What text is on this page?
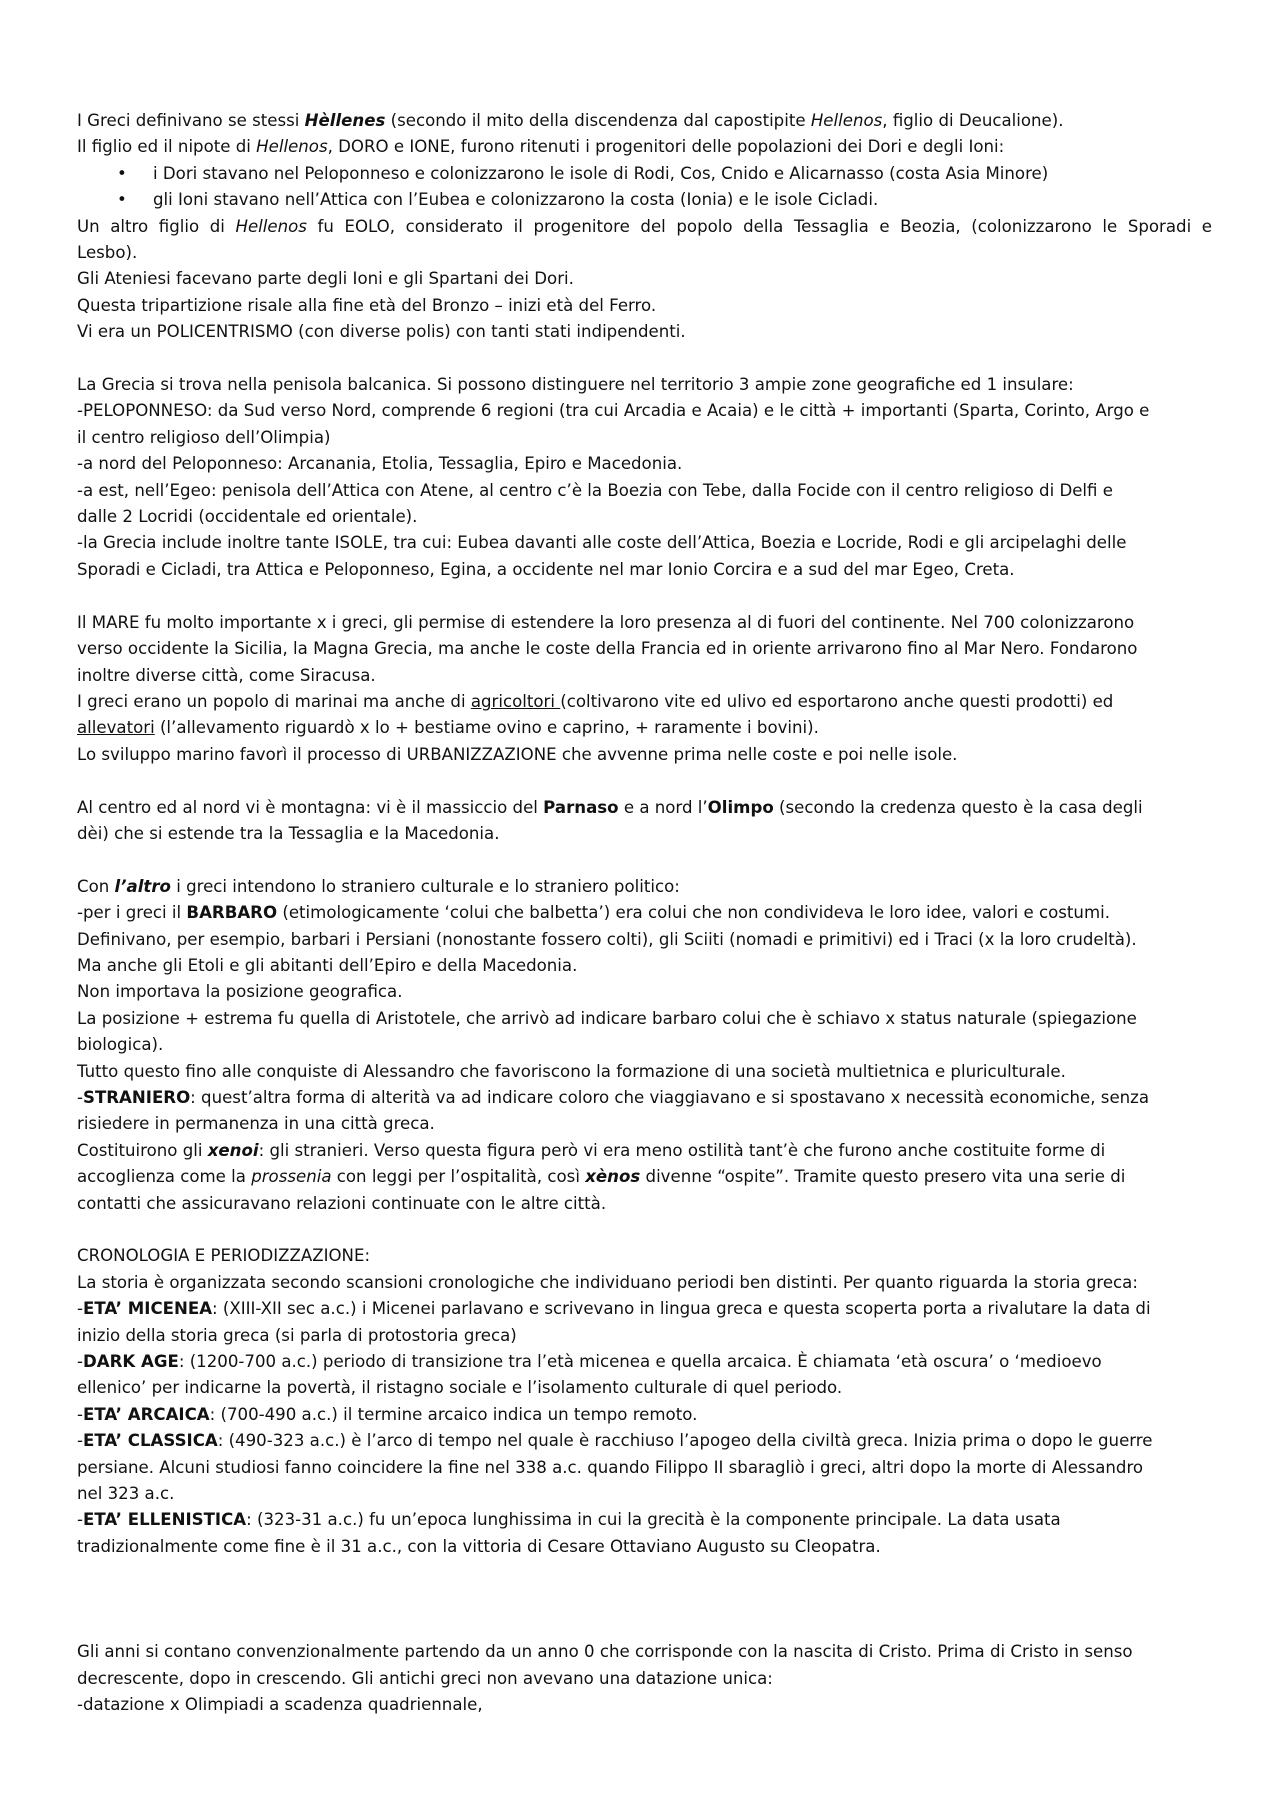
I Greci definivano se stessi Hèllenes (secondo il mito della discendenza dal capostipite Hellenos, figlio di Deucalione).
Il figlio ed il nipote di Hellenos, DORO e IONE, furono ritenuti i progenitori delle popolazioni dei Dori e degli Ioni:
• i Dori stavano nel Peloponneso e colonizzarono le isole di Rodi, Cos, Cnido e Alicarnasso (costa Asia Minore)
• gli Ioni stavano nell’Attica con l’Eubea e colonizzarono la costa (Ionia) e le isole Cicladi.
Un altro figlio di Hellenos fu EOLO, considerato il progenitore del popolo della Tessaglia e Beozia, (colonizzarono le Sporadi e
Lesbo).
Gli Ateniesi facevano parte degli Ioni e gli Spartani dei Dori.
Questa tripartizione risale alla fine età del Bronzo – inizi età del Ferro.
Vi era un POLICENTRISMO (con diverse polis) con tanti stati indipendenti.
La Grecia si trova nella penisola balcanica. Si possono distinguere nel territorio 3 ampie zone geografiche ed 1 insulare:
-PELOPONNESO: da Sud verso Nord, comprende 6 regioni (tra cui Arcadia e Acaia) e le città + importanti (Sparta, Corinto, Argo e
il centro religioso dell’Olimpia)
-a nord del Peloponneso: Arcanania, Etolia, Tessaglia, Epiro e Macedonia.
-a est, nell’Egeo: penisola dell’Attica con Atene, al centro c’è la Boezia con Tebe, dalla Focide con il centro religioso di Delfi e
dalle 2 Locridi (occidentale ed orientale).
-la Grecia include inoltre tante ISOLE, tra cui: Eubea davanti alle coste dell’Attica, Boezia e Locride, Rodi e gli arcipelaghi delle
Sporadi e Cicladi, tra Attica e Peloponneso, Egina, a occidente nel mar Ionio Corcira e a sud del mar Egeo, Creta.
Il MARE fu molto importante x i greci, gli permise di estendere la loro presenza al di fuori del continente. Nel 700 colonizzarono
verso occidente la Sicilia, la Magna Grecia, ma anche le coste della Francia ed in oriente arrivarono fino al Mar Nero. Fondarono
inoltre diverse città, come Siracusa.
I greci erano un popolo di marinai ma anche di agricoltori (coltivarono vite ed ulivo ed esportarono anche questi prodotti) ed
allevatori (l’allevamento riguardò x lo + bestiame ovino e caprino, + raramente i bovini).
Lo sviluppo marino favorì il processo di URBANIZZAZIONE che avvenne prima nelle coste e poi nelle isole.
Al centro ed al nord vi è montagna: vi è il massiccio del Parnaso e a nord l’Olimpo (secondo la credenza questo è la casa degli
dèi) che si estende tra la Tessaglia e la Macedonia.
Con l’altro i greci intendono lo straniero culturale e lo straniero politico:
-per i greci il BARBARO (etimologicamente ‘colui che balbetta’) era colui che non condivideva le loro idee, valori e costumi.
Definivano, per esempio, barbari i Persiani (nonostante fossero colti), gli Sciiti (nomadi e primitivi) ed i Traci (x la loro crudeltà).
Ma anche gli Etoli e gli abitanti dell’Epiro e della Macedonia.
Non importava la posizione geografica.
La posizione + estrema fu quella di Aristotele, che arrivò ad indicare barbaro colui che è schiavo x status naturale (spiegazione
biologica).
Tutto questo fino alle conquiste di Alessandro che favoriscono la formazione di una società multietnica e pluriculturale.
-STRANIERO: quest’altra forma di alterità va ad indicare coloro che viaggiavano e si spostavano x necessità economiche, senza
risiedere in permanenza in una città greca.
Costituirono gli xenoi: gli stranieri. Verso questa figura però vi era meno ostilità tant’è che furono anche costituite forme di
accoglienza come la prossenia con leggi per l’ospitalità, così xènos divenne “ospite”. Tramite questo presero vita una serie di
contatti che assicuravano relazioni continuate con le altre città.
CRONOLOGIA E PERIODIZZAZIONE:
La storia è organizzata secondo scansioni cronologiche che individuano periodi ben distinti. Per quanto riguarda la storia greca:
-ETA’ MICENEA: (XIII-XII sec a.c.) i Micenei parlavano e scrivevano in lingua greca e questa scoperta porta a rivalutare la data di
inizio della storia greca (si parla di protostoria greca)
-DARK AGE: (1200-700 a.c.) periodo di transizione tra l’età micenea e quella arcaica. È chiamata ‘età oscura’ o ‘medioevo
ellenico’ per indicarne la povertà, il ristagno sociale e l’isolamento culturale di quel periodo.
-ETA’ ARCAICA: (700-490 a.c.) il termine arcaico indica un tempo remoto.
-ETA’ CLASSICA: (490-323 a.c.) è l’arco di tempo nel quale è racchiuso l’apogeo della civiltà greca. Inizia prima o dopo le guerre
persiane. Alcuni studiosi fanno coincidere la fine nel 338 a.c. quando Filippo II sbaragliò i greci, altri dopo la morte di Alessandro
nel 323 a.c.
-ETA’ ELLENISTICA: (323-31 a.c.) fu un’epoca lunghissima in cui la grecità è la componente principale. La data usata
tradizionalmente come fine è il 31 a.c., con la vittoria di Cesare Ottaviano Augusto su Cleopatra.
Gli anni si contano convenzionalmente partendo da un anno 0 che corrisponde con la nascita di Cristo. Prima di Cristo in senso
decrescente, dopo in crescendo. Gli antichi greci non avevano una datazione unica:
-datazione x Olimpiadi a scadenza quadriennale,
